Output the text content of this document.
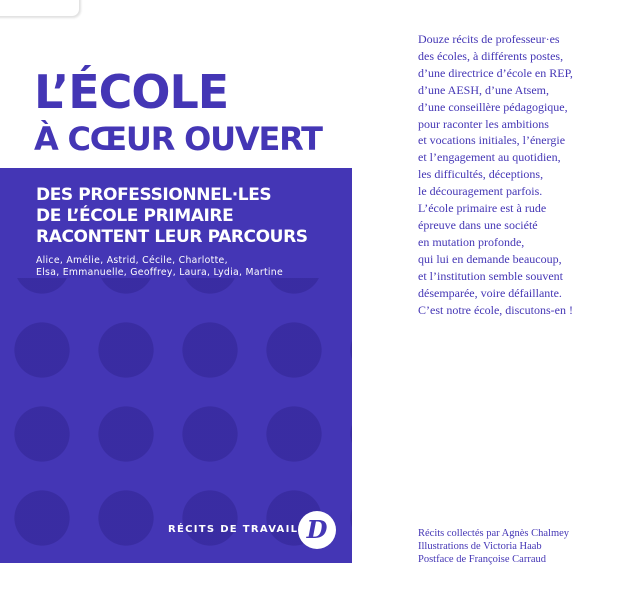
L’ÉCOLE
À CŒUR OUVERT
DES PROFESSIONNEL·LES
DE L’ÉCOLE PRIMAIRE
RACONTENT LEUR PARCOURS
Alice, Amélie, Astrid, Cécile, Charlotte,
Elsa, Emmanuelle, Geoffrey, Laura, Lydia, Martine
RÉCITS DE TRAVAIL D

Douze récits de professeur·es
des écoles, à différents postes,
d’une directrice d’école en REP,
d’une AESH, d’une Atsem,
d’une conseillère pédagogique,
pour raconter les ambitions
et vocations initiales, l’énergie
et l’engagement au quotidien,
les difficultés, déceptions,
le découragement parfois.
L’école primaire est à rude
épreuve dans une société
en mutation profonde,
qui lui en demande beaucoup,
et l’institution semble souvent
désemparée, voire défaillante.
C’est notre école, discutons-en !

Récits collectés par Agnès Chalmey
Illustrations de Victoria Haab
Postface de Françoise Carraud
